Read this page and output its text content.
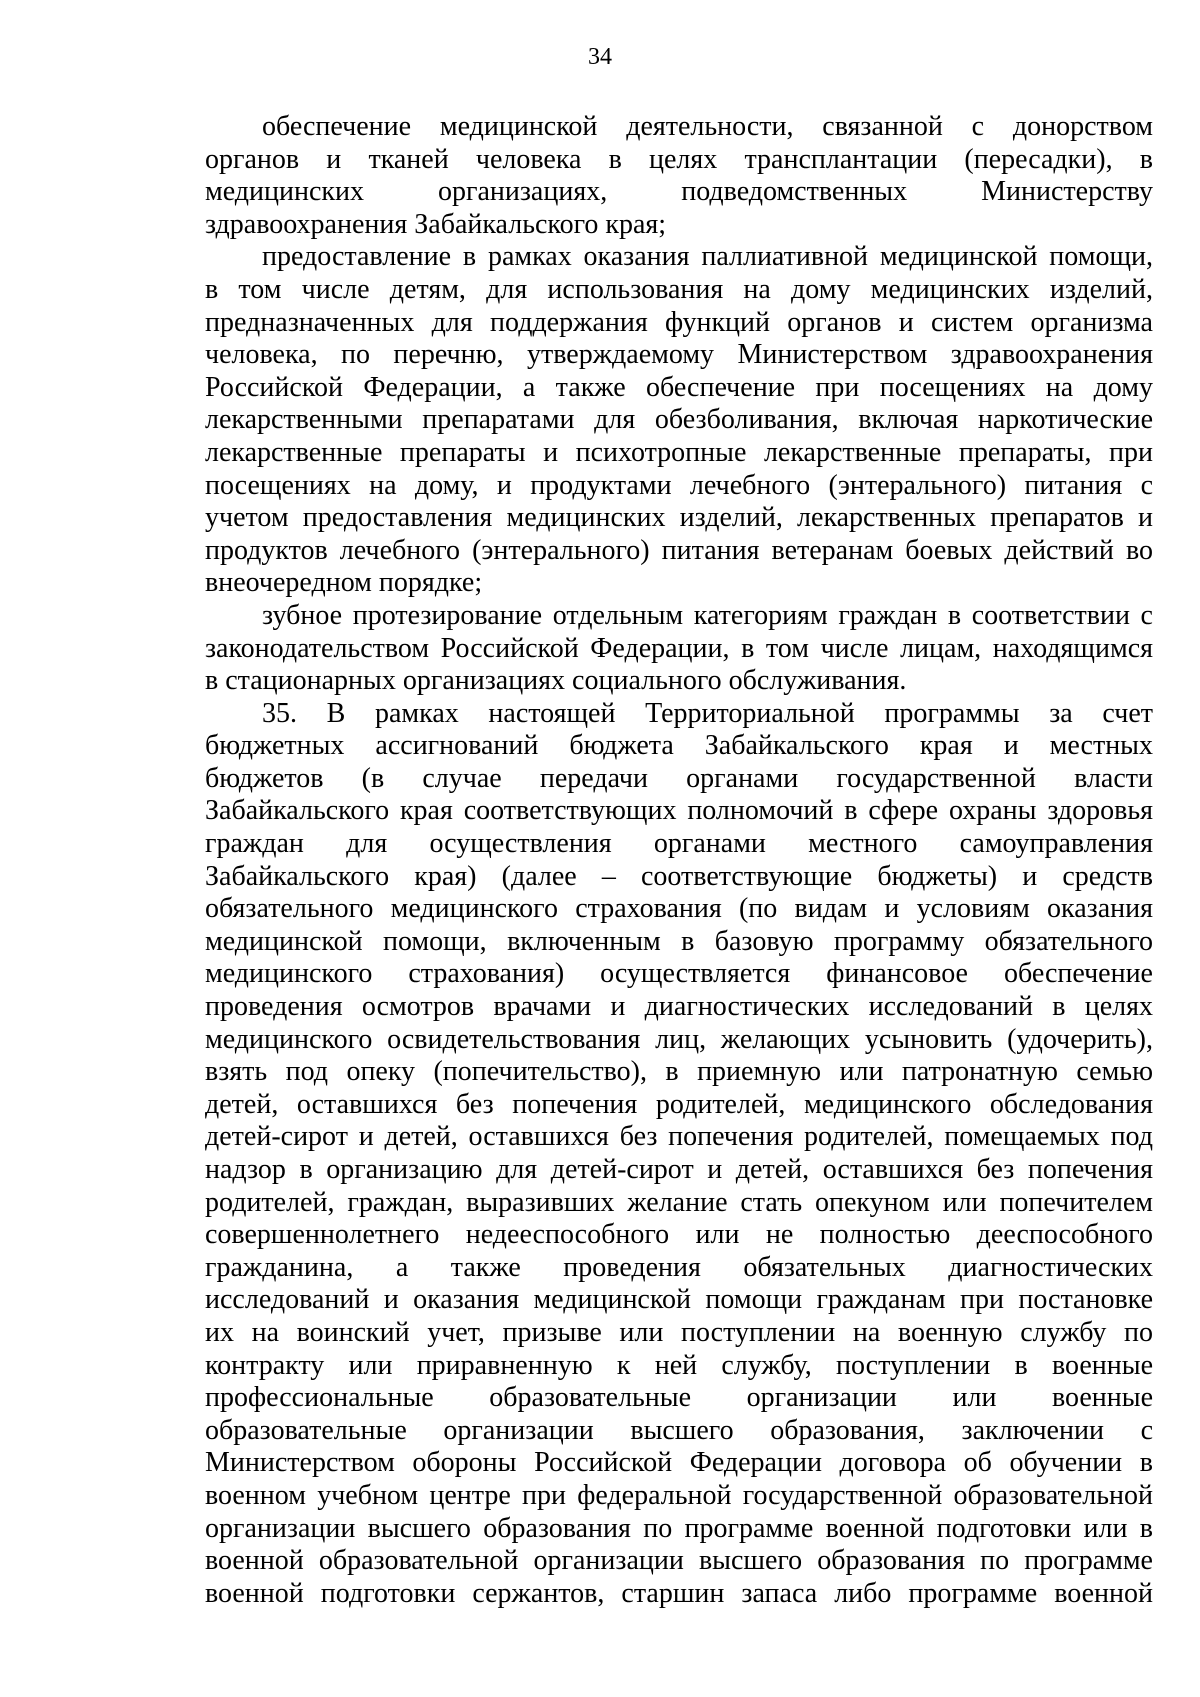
34
обеспечение медицинской деятельности, связанной с донорством
органов и тканей человека в целях трансплантации (пересадки), в
медицинских организациях, подведомственных Министерству
здравоохранения Забайкальского края;
предоставление в рамках оказания паллиативной медицинской помощи,
в том числе детям, для использования на дому медицинских изделий,
предназначенных для поддержания функций органов и систем организма
человека, по перечню, утверждаемому Министерством здравоохранения
Российской Федерации, а также обеспечение при посещениях на дому
лекарственными препаратами для обезболивания, включая наркотические
лекарственные препараты и психотропные лекарственные препараты, при
посещениях на дому, и продуктами лечебного (энтерального) питания с
учетом предоставления медицинских изделий, лекарственных препаратов и
продуктов лечебного (энтерального) питания ветеранам боевых действий во
внеочередном порядке;
зубное протезирование отдельным категориям граждан в соответствии с
законодательством Российской Федерации, в том числе лицам, находящимся
в стационарных организациях социального обслуживания.
35. В рамках настоящей Территориальной программы за счет
бюджетных ассигнований бюджета Забайкальского края и местных
бюджетов (в случае передачи органами государственной власти
Забайкальского края соответствующих полномочий в сфере охраны здоровья
граждан для осуществления органами местного самоуправления
Забайкальского края) (далее – соответствующие бюджеты) и средств
обязательного медицинского страхования (по видам и условиям оказания
медицинской помощи, включенным в базовую программу обязательного
медицинского страхования) осуществляется финансовое обеспечение
проведения осмотров врачами и диагностических исследований в целях
медицинского освидетельствования лиц, желающих усыновить (удочерить),
взять под опеку (попечительство), в приемную или патронатную семью
детей, оставшихся без попечения родителей, медицинского обследования
детей-сирот и детей, оставшихся без попечения родителей, помещаемых под
надзор в организацию для детей-сирот и детей, оставшихся без попечения
родителей, граждан, выразивших желание стать опекуном или попечителем
совершеннолетнего недееспособного или не полностью дееспособного
гражданина, а также проведения обязательных диагностических
исследований и оказания медицинской помощи гражданам при постановке
их на воинский учет, призыве или поступлении на военную службу по
контракту или приравненную к ней службу, поступлении в военные
профессиональные образовательные организации или военные
образовательные организации высшего образования, заключении с
Министерством обороны Российской Федерации договора об обучении в
военном учебном центре при федеральной государственной образовательной
организации высшего образования по программе военной подготовки или в
военной образовательной организации высшего образования по программе
военной подготовки сержантов, старшин запаса либо программе военной
